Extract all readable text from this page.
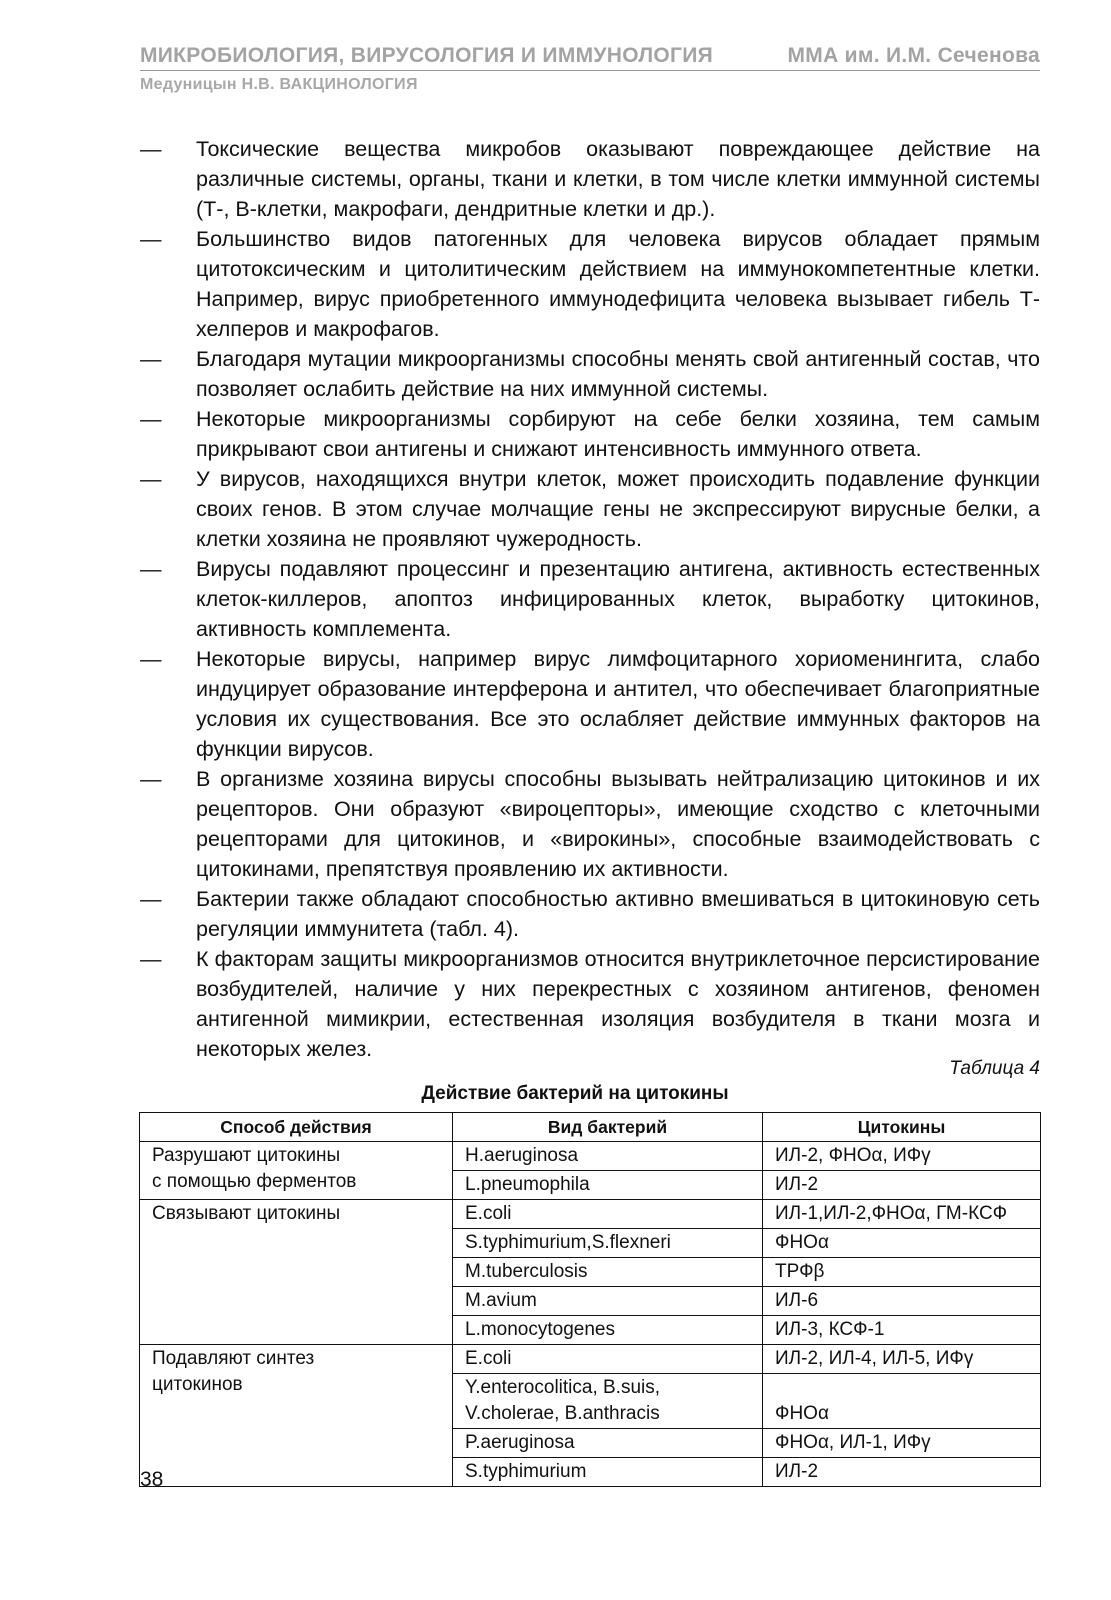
МИКРОБИОЛОГИЯ, ВИРУСОЛОГИЯ И ИММУНОЛОГИЯ	ММА им. И.М. Сеченова
Медуницын Н.В. ВАКЦИНОЛОГИЯ
— Токсические вещества микробов оказывают повреждающее действие на различные системы, органы, ткани и клетки, в том числе клетки иммунной системы (Т-, В-клетки, макрофаги, дендритные клетки и др.).
— Большинство видов патогенных для человека вирусов обладает прямым цитотоксическим и цитолитическим действием на иммунокомпетентные клетки. Например, вирус приобретенного иммунодефицита человека вызывает гибель Т-хелперов и макрофагов.
— Благодаря мутации микроорганизмы способны менять свой антигенный состав, что позволяет ослабить действие на них иммунной системы.
— Некоторые микроорганизмы сорбируют на себе белки хозяина, тем самым прикрывают свои антигены и снижают интенсивность иммунного ответа.
— У вирусов, находящихся внутри клеток, может происходить подавление функции своих генов. В этом случае молчащие гены не экспрессируют вирусные белки, а клетки хозяина не проявляют чужеродность.
— Вирусы подавляют процессинг и презентацию антигена, активность естественных клеток-киллеров, апоптоз инфицированных клеток, выработку цитокинов, активность комплемента.
— Некоторые вирусы, например вирус лимфоцитарного хориоменингита, слабо индуцирует образование интерферона и антител, что обеспечивает благоприятные условия их существования. Все это ослабляет действие иммунных факторов на функции вирусов.
— В организме хозяина вирусы способны вызывать нейтрализацию цитокинов и их рецепторов. Они образуют «вироцепторы», имеющие сходство с клеточными рецепторами для цитокинов, и «вирокины», способные взаимодействовать с цитокинами, препятствуя проявлению их активности.
— Бактерии также обладают способностью активно вмешиваться в цитокиновую сеть регуляции иммунитета (табл. 4).
— К факторам защиты микроорганизмов относится внутриклеточное персистирование возбудителей, наличие у них перекрестных с хозяином антигенов, феномен антигенной мимикрии, естественная изоляция возбудителя в ткани мозга и некоторых желез.
Таблица 4
Действие бактерий на цитокины
Способ действия	Вид бактерий	Цитокины

Разрушают цитокины
с помощью ферментов	H.aeruginosa	ИЛ-2, ФНОα, ИФγ
	L.pneumophila	ИЛ-2

Связывают цитокины	E.coli	ИЛ-1,ИЛ-2,ФНОα, ГМ-КСФ
	S.typhimurium,S.flexneri	ФНОα
	M.tuberculosis	ТРФβ
	M.avium	ИЛ-6
	L.monocytogenes	ИЛ-3, КСФ-1

Подавляют синтез
цитокинов	E.coli	ИЛ-2, ИЛ-4, ИЛ-5, ИФγ

	Y.enterocolitica, B.suis,
V.cholerae, B.anthracis	ФНОα
	P.aeruginosa	ФНОα, ИЛ-1, ИФγ
	S.typhimurium	ИЛ-2
38
